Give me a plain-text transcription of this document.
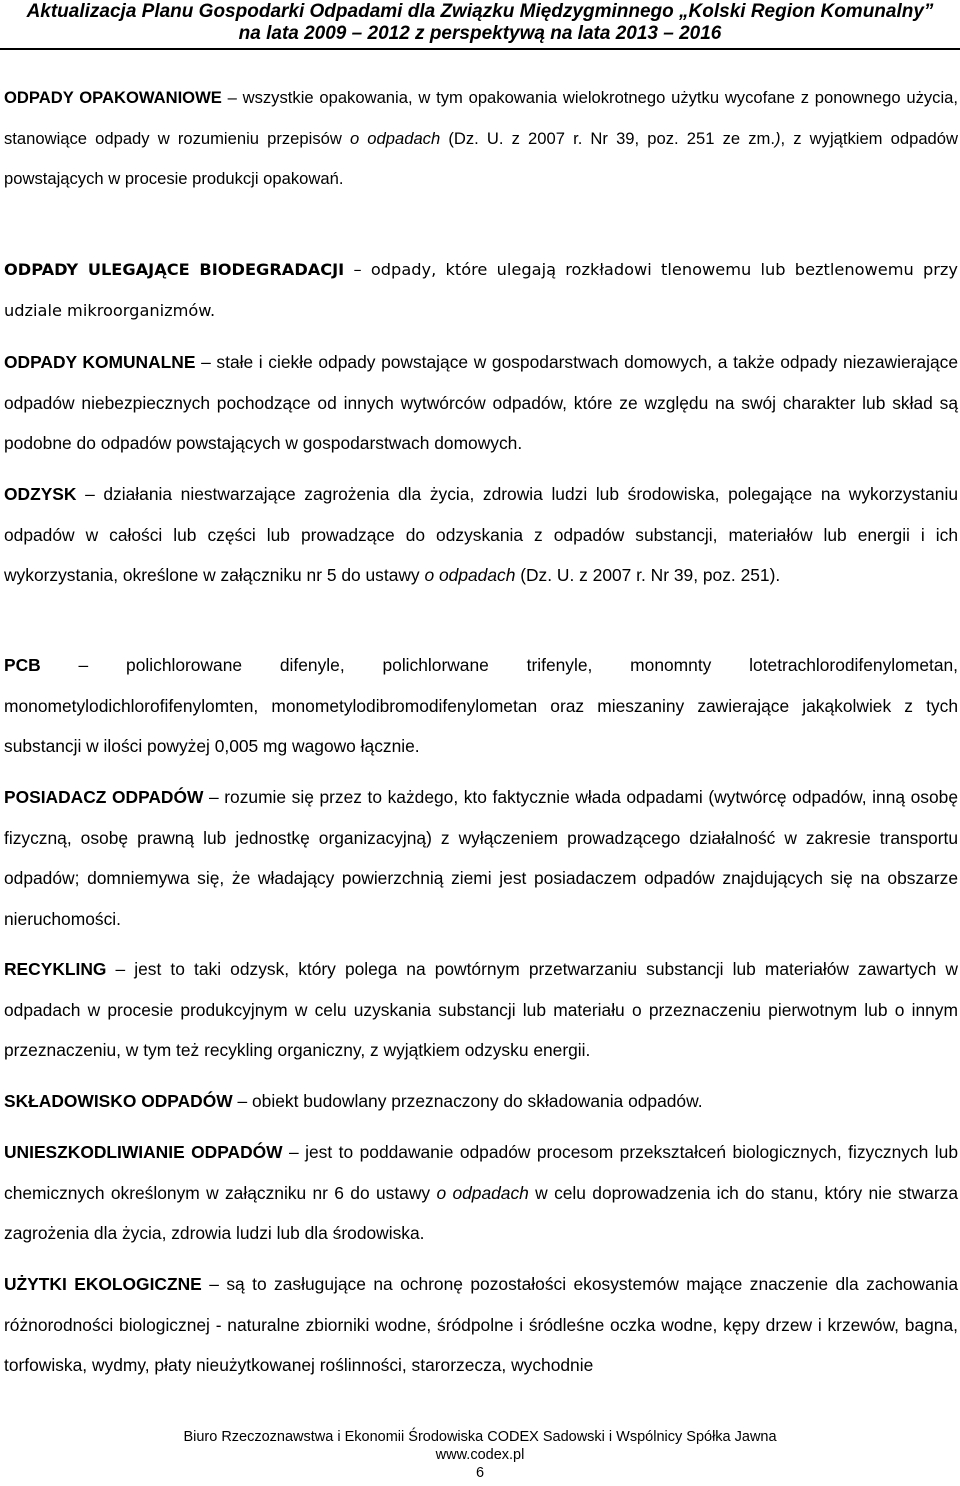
Aktualizacja Planu Gospodarki Odpadami dla Związku Międzygminnego „Kolski Region Komunalny”
na lata 2009 – 2012 z perspektywą na lata 2013 – 2016
ODPADY OPAKOWANIOWE – wszystkie opakowania, w tym opakowania wielokrotnego użytku wycofane z ponownego użycia, stanowiące odpady w rozumieniu przepisów o odpadach (Dz. U. z 2007 r. Nr 39, poz. 251 ze zm.), z wyjątkiem odpadów powstających w procesie produkcji opakowań.
ODPADY ULEGAJĄCE BIODEGRADACJI – odpady, które ulegają rozkładowi tlenowemu lub beztlenowemu przy udziale mikroorganizmów.
ODPADY KOMUNALNE – stałe i ciekłe odpady powstające w gospodarstwach domowych, a także odpady niezawierające odpadów niebezpiecznych pochodzące od innych wytwórców odpadów, które ze względu na swój charakter lub skład są podobne do odpadów powstających w gospodarstwach domowych.
ODZYSK – działania niestwarzające zagrożenia dla życia, zdrowia ludzi lub środowiska, polegające na wykorzystaniu odpadów w całości lub części lub prowadzące do odzyskania z odpadów substancji, materiałów lub energii i ich wykorzystania, określone w załączniku nr 5 do ustawy o odpadach (Dz. U. z 2007 r. Nr 39, poz. 251).
PCB – polichlorowane difenyle, polichlorwane trifenyle, monomnty lotetrachlorodifenylometan, monometylodichlorofifenylomten, monometylodibromodifenylometan oraz mieszaniny zawierające jakąkolwiek z tych substancji w ilości powyżej 0,005 mg wagowo łącznie.
POSIADACZ ODPADÓW – rozumie się przez to każdego, kto faktycznie włada odpadami (wytwórcę odpadów, inną osobę fizyczną, osobę prawną lub jednostkę organizacyjną) z wyłączeniem prowadzącego działalność w zakresie transportu odpadów; domniemywa się, że władający powierzchnią ziemi jest posiadaczem odpadów znajdujących się na obszarze nieruchomości.
RECYKLING – jest to taki odzysk, który polega na powtórnym przetwarzaniu substancji lub materiałów zawartych w odpadach w procesie produkcyjnym w celu uzyskania substancji lub materiału o przeznaczeniu pierwotnym lub o innym przeznaczeniu, w tym też recykling organiczny, z wyjątkiem odzysku energii.
SKŁADOWISKO ODPADÓW – obiekt budowlany przeznaczony do składowania odpadów.
UNIESZKODLIWIANIE ODPADÓW – jest to poddawanie odpadów procesom przekształceń biologicznych, fizycznych lub chemicznych określonym w załączniku nr 6 do ustawy o odpadach w celu doprowadzenia ich do stanu, który nie stwarza zagrożenia dla życia, zdrowia ludzi lub dla środowiska.
UŻYTKI EKOLOGICZNE – są to zasługujące na ochronę pozostałości ekosystemów mające znaczenie dla zachowania różnorodności biologicznej - naturalne zbiorniki wodne, śródpolne i śródleśne oczka wodne, kępy drzew i krzewów, bagna, torfowiska, wydmy, płaty nieużytkowanej roślinności, starorzecza, wychodnie
Biuro Rzeczoznawstwa i Ekonomii Środowiska CODEX Sadowski i Wspólnicy Spółka Jawna
www.codex.pl
6
